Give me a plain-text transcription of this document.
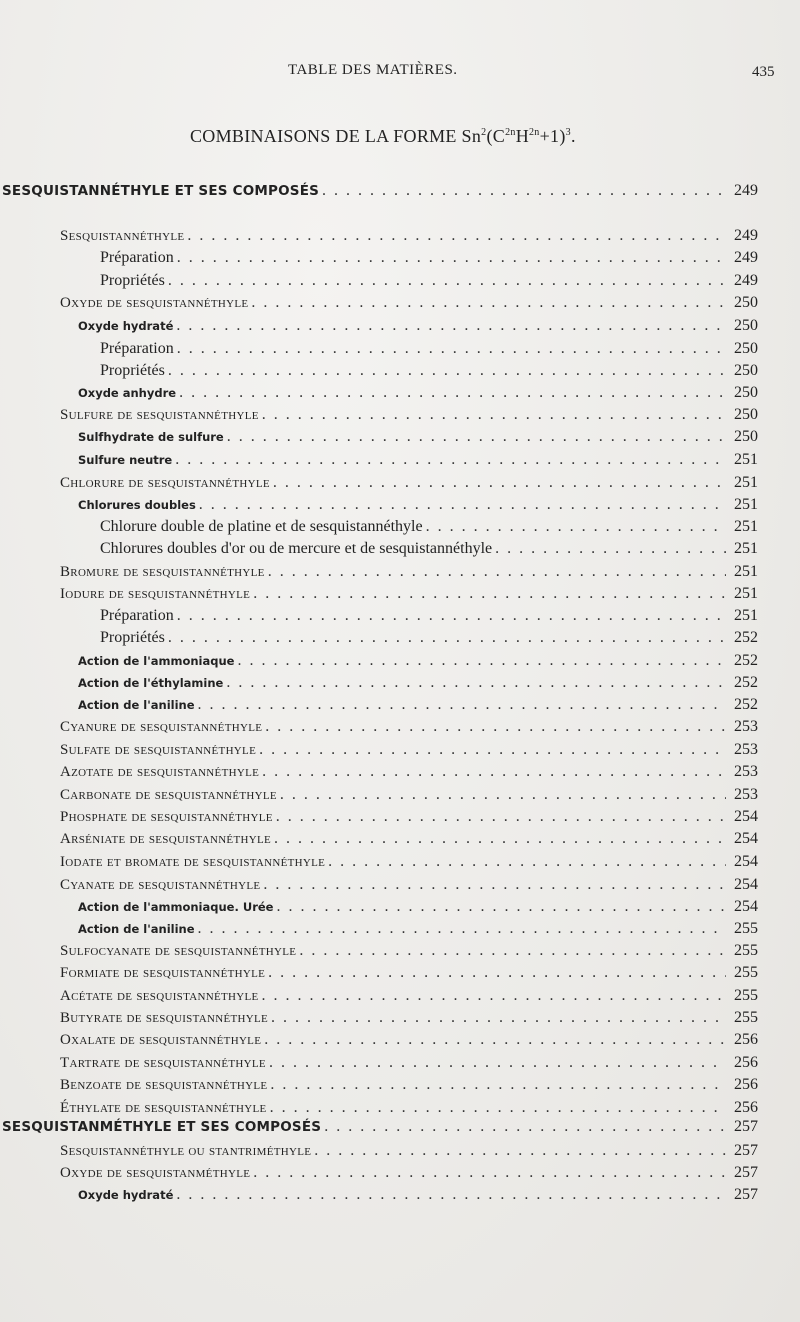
TABLE DES MATIÈRES.	435
COMBINAISONS DE LA FORME $Sn^2(C^{2n}H^{2n}+1)^3$.
SESQUISTANNÉTHYLE ET SES COMPOSÉS . . .	249
Sesquistannéthyle . . .	249
Préparation . . .	249
Propriétés . . .	249
Oxyde de sesquistannéthyle . . .	250
Oxyde hydraté . . .	250
Préparation . . .	250
Propriétés . . .	250
Oxyde anhydre . . .	250
Sulfure de sesquistannéthyle . . .	250
Sulfhydrate de sulfure . . .	250
Sulfure neutre . . .	251
Chlorure de sesquistannéthyle . . .	251
Chlorures doubles . . .	251
Chlorure double de platine et de sesquistannéthyle . . .	251
Chlorures doubles d'or ou de mercure et de sesquistannéthyle . . .	251
Bromure de sesquistannéthyle . . .	251
Iodure de sesquistannéthyle . . .	251
Préparation . . .	251
Propriétés . . .	252
Action de l'ammoniaque . . .	252
Action de l'éthylamine . . .	252
Action de l'aniline . . .	252
Cyanure de sesquistannéthyle . . .	253
Sulfate de sesquistannéthyle . . .	253
Azotate de sesquistannéthyle . . .	253
Carbonate de sesquistannéthyle . . .	253
Phosphate de sesquistannéthyle . . .	254
Arséniate de sesquistannéthyle . . .	254
Iodate et bromate de sesquistannéthyle . . .	254
Cyanate de sesquistannéthyle . . .	254
Action de l'ammoniaque. Urée . . .	254
Action de l'aniline . . .	255
Sulfocyanate de sesquistannéthyle . . .	255
Formiate de sesquistannéthyle . . .	255
Acétate de sesquistannéthyle . . .	255
Butyrate de sesquistannéthyle . . .	255
Oxalate de sesquistannéthyle . . .	256
Tartrate de sesquistannéthyle . . .	256
Benzoate de sesquistannéthyle . . .	256
Éthylate de sesquistannéthyle . . .	256
SESQUISTANMÉTHYLE ET SES COMPOSÉS . . .	257
Sesquistannéthyle ou stantriméthyle . . .	257
Oxyde de sesquistanméthyle . . .	257
Oxyde hydraté . . .	257
